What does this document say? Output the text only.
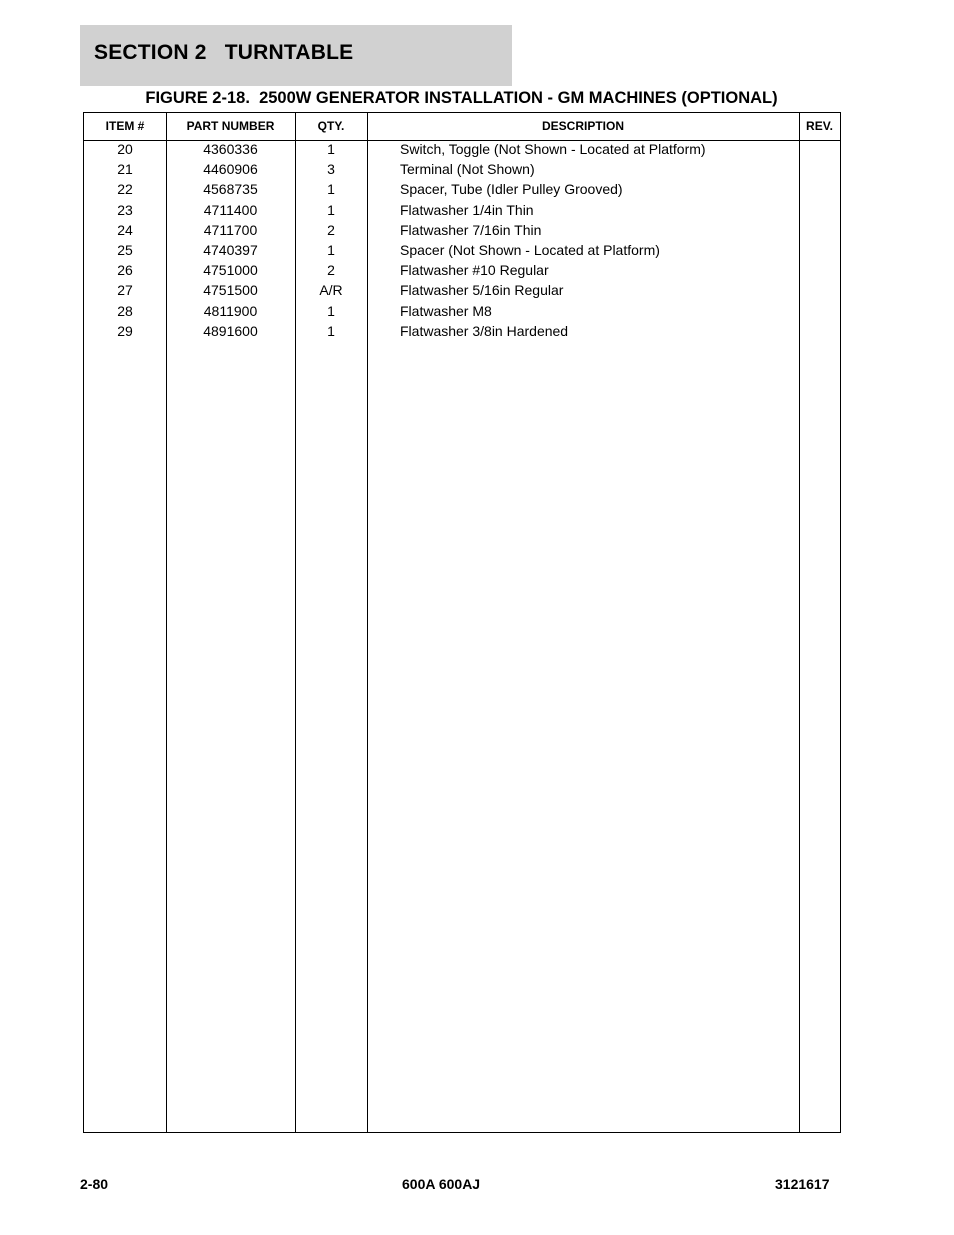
SECTION 2   TURNTABLE
FIGURE 2-18.  2500W GENERATOR INSTALLATION - GM MACHINES (OPTIONAL)
ITEM #	PART NUMBER	QTY.	DESCRIPTION	REV.
20	4360336	1	Switch, Toggle (Not Shown - Located at Platform)
21	4460906	3	Terminal (Not Shown)
22	4568735	1	Spacer, Tube (Idler Pulley Grooved)
23	4711400	1	Flatwasher 1/4in Thin
24	4711700	2	Flatwasher 7/16in Thin
25	4740397	1	Spacer (Not Shown - Located at Platform)
26	4751000	2	Flatwasher #10 Regular
27	4751500	A/R	Flatwasher 5/16in Regular
28	4811900	1	Flatwasher M8
29	4891600	1	Flatwasher 3/8in Hardened
2-80	600A 600AJ	3121617
